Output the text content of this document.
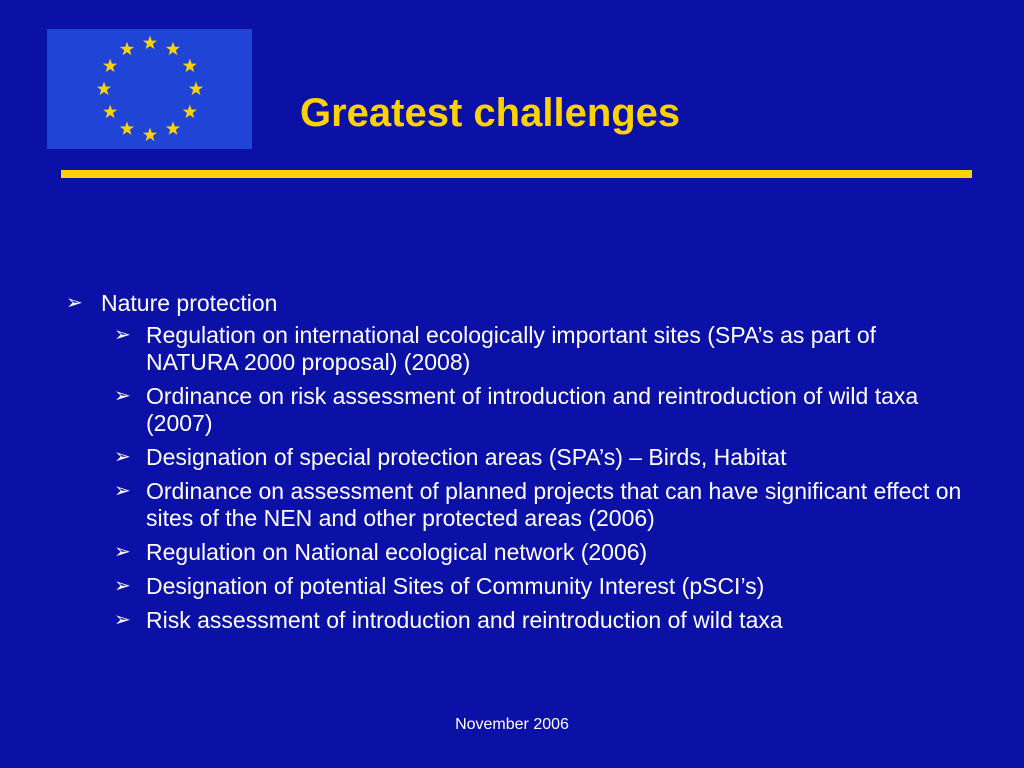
Greatest challenges
➢ Nature protection
➢ Regulation on international ecologically important sites (SPA’s as part of NATURA 2000 proposal) (2008)
➢ Ordinance on risk assessment of introduction and reintroduction of wild taxa (2007)
➢ Designation of special protection areas (SPA’s) – Birds, Habitat
➢ Ordinance on assessment of planned projects that can have significant effect on sites of the NEN and other protected areas (2006)
➢ Regulation on National ecological network (2006)
➢ Designation of potential Sites of Community Interest (pSCI’s)
➢ Risk assessment of introduction and reintroduction of wild taxa
November 2006
